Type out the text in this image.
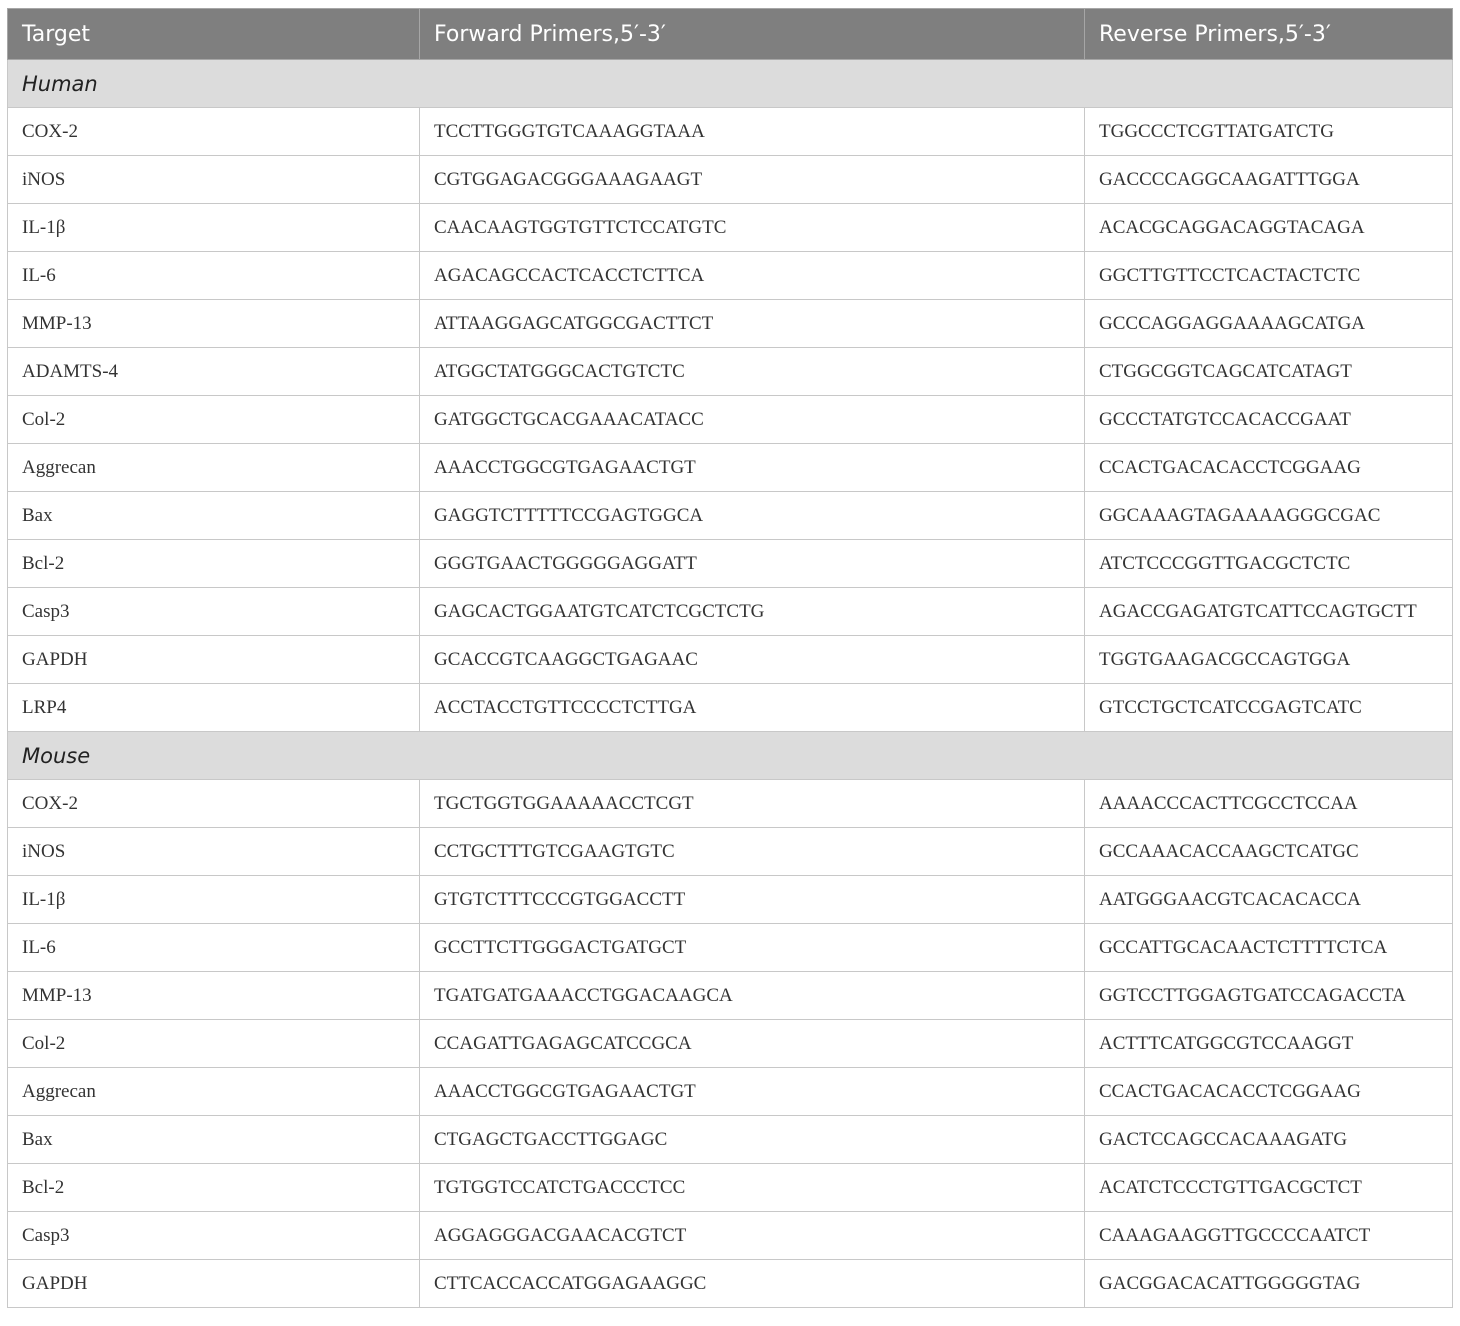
Target	Forward Primers,5′-3′	Reverse Primers,5′-3′
Human		
COX-2	TCCTTGGGTGTCAAAGGTAAA	TGGCCCTCGTTATGATCTG
iNOS	CGTGGAGACGGGAAAGAAGT	GACCCCAGGCAAGATTTGGA
IL-1β	CAACAAGTGGTGTTCTCCATGTC	ACACGCAGGACAGGTACAGA
IL-6	AGACAGCCACTCACCTCTTCA	GGCTTGTTCCTCACTACTCTC
MMP-13	ATTAAGGAGCATGGCGACTTCT	GCCCAGGAGGAAAAGCATGA
ADAMTS-4	ATGGCTATGGGCACTGTCTC	CTGGCGGTCAGCATCATAGT
Col-2	GATGGCTGCACGAAACATACC	GCCCTATGTCCACACCGAAT
Aggrecan	AAACCTGGCGTGAGAACTGT	CCACTGACACACCTCGGAAG
Bax	GAGGTCTTTTTCCGAGTGGCA	GGCAAAGTAGAAAAGGGCGAC
Bcl-2	GGGTGAACTGGGGGAGGATT	ATCTCCCGGTTGACGCTCTC
Casp3	GAGCACTGGAATGTCATCTCGCTCTG	AGACCGAGATGTCATTCCAGTGCTT
GAPDH	GCACCGTCAAGGCTGAGAAC	TGGTGAAGACGCCAGTGGA
LRP4	ACCTACCTGTTCCCCTCTTGA	GTCCTGCTCATCCGAGTCATC
Mouse		
COX-2	TGCTGGTGGAAAAACCTCGT	AAAACCCACTTCGCCTCCAA
iNOS	CCTGCTTTGTCGAAGTGTC	GCCAAACACCAAGCTCATGC
IL-1β	GTGTCTTTCCCGTGGACCTT	AATGGGAACGTCACACACCA
IL-6	GCCTTCTTGGGACTGATGCT	GCCATTGCACAACTCTTTTCTCA
MMP-13	TGATGATGAAACCTGGACAAGCA	GGTCCTTGGAGTGATCCAGACCTA
Col-2	CCAGATTGAGAGCATCCGCA	ACTTTCATGGCGTCCAAGGT
Aggrecan	AAACCTGGCGTGAGAACTGT	CCACTGACACACCTCGGAAG
Bax	CTGAGCTGACCTTGGAGC	GACTCCAGCCACAAAGATG
Bcl-2	TGTGGTCCATCTGACCCTCC	ACATCTCCCTGTTGACGCTCT
Casp3	AGGAGGGACGAACACGTCT	CAAAGAAGGTTGCCCCAATCT
GAPDH	CTTCACCACCATGGAGAAGGC	GACGGACACATTGGGGGTAG
